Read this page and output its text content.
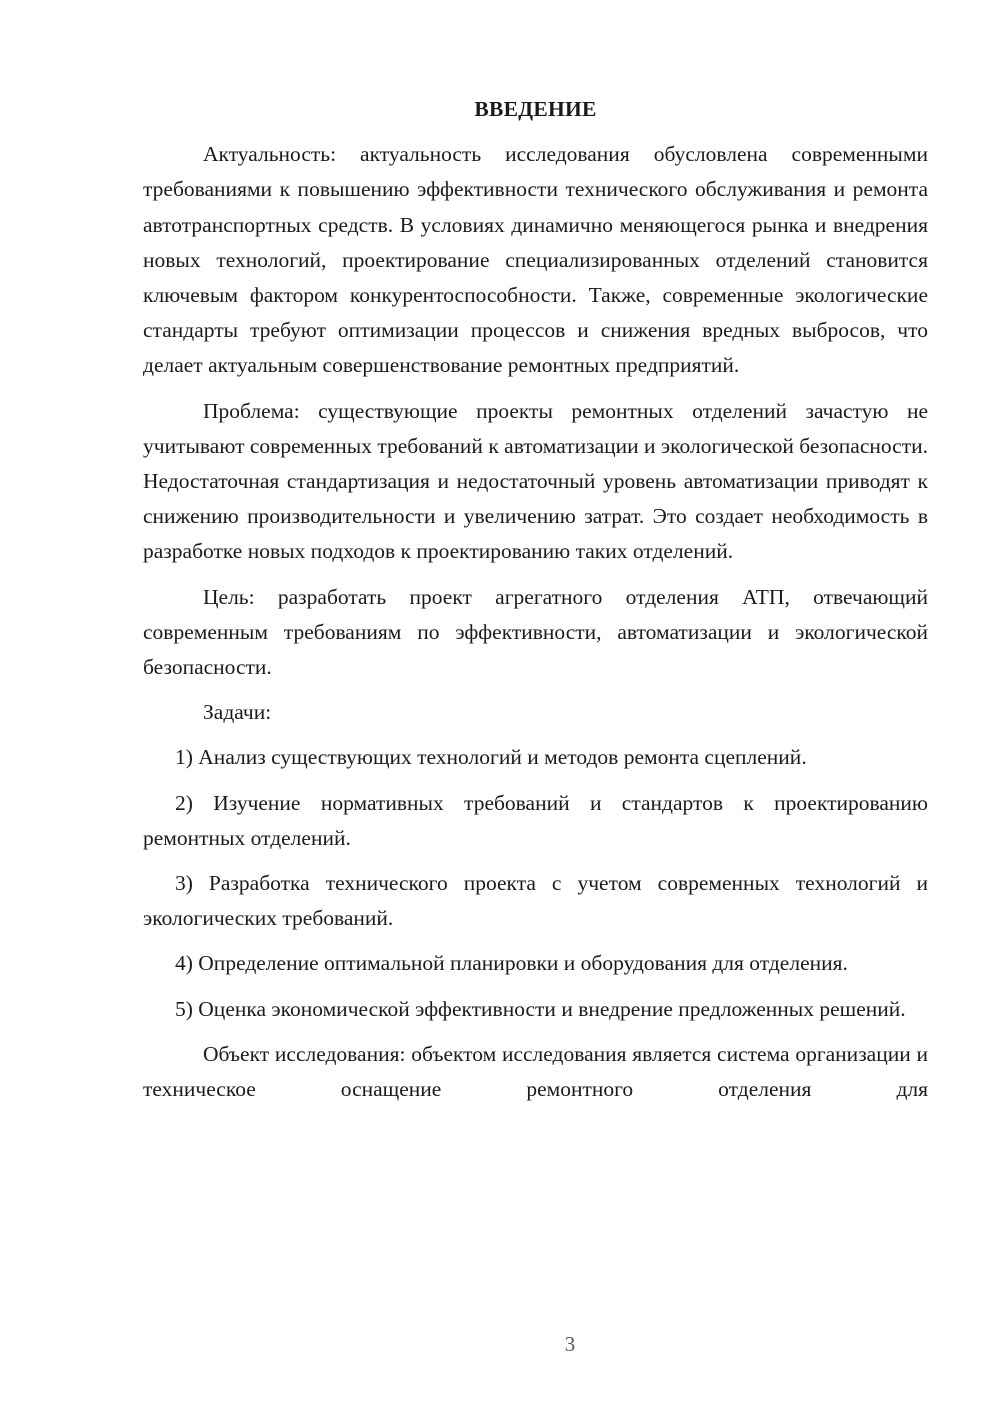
ВВЕДЕНИЕ

Актуальность: актуальность исследования обусловлена современными требованиями к повышению эффективности технического обслуживания и ремонта автотранспортных средств. В условиях динамично меняющегося рынка и внедрения новых технологий, проектирование специализированных отделений становится ключевым фактором конкурентоспособности. Также, современные экологические стандарты требуют оптимизации процессов и снижения вредных выбросов, что делает актуальным совершенствование ремонтных предприятий.

Проблема: существующие проекты ремонтных отделений зачастую не учитывают современных требований к автоматизации и экологической безопасности. Недостаточная стандартизация и недостаточный уровень автоматизации приводят к снижению производительности и увеличению затрат. Это создает необходимость в разработке новых подходов к проектированию таких отделений.

Цель: разработать проект агрегатного отделения АТП, отвечающий современным требованиям по эффективности, автоматизации и экологической безопасности.

Задачи:

1) Анализ существующих технологий и методов ремонта сцеплений.

2) Изучение нормативных требований и стандартов к проектированию ремонтных отделений.

3) Разработка технического проекта с учетом современных технологий и экологических требований.

4) Определение оптимальной планировки и оборудования для отделения.

5) Оценка экономической эффективности и внедрение предложенных решений.

Объект исследования: объектом исследования является система организации и техническое оснащение ремонтного отделения для

3
